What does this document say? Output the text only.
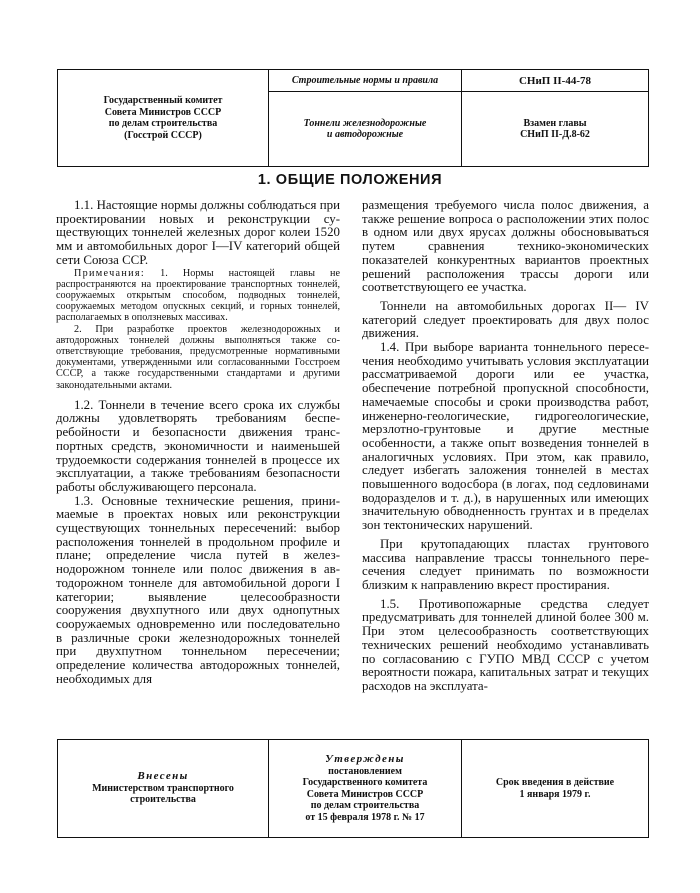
Государственный комитет
Совета Министров СССР
по делам строительства
(Госстрой СССР)
Строительные нормы и правила
Тоннели железнодорожные
и автодорожные
СНиП II-44-78
Взамен главы
СНиП II-Д.8-62
1. ОБЩИЕ ПОЛОЖЕНИЯ

1.1. Настоящие нормы должны соблюдаться при проектировании новых и реконструкции существующих тоннелей железных дорог колеи 1520 мм и автомобильных дорог I—IV категорий общей сети Союза ССР.

Примечания: 1. Нормы настоящей главы не распространяются на проектирование транспортных тоннелей, сооружаемых открытым способом, подводных тоннелей, сооружаемых методом опускных секций, и горных тоннелей, располагаемых в оползневых массивах.

2. При разработке проектов железнодорожных и автодорожных тоннелей должны выполняться также соответствующие требования, предусмотренные нормативными документами, утвержденными или согласованными Госстроем СССР, а также государственными стандартами и другими законодательными актами.

1.2. Тоннели в течение всего срока их службы должны удовлетворять требованиям бесперебойности и безопасности движения транспортных средств, экономичности и наименьшей трудоемкости содержания тоннелей в процессе их эксплуатации, а также требованиям безопасности работы обслуживающего персонала.

1.3. Основные технические решения, принимаемые в проектах новых или реконструкции существующих тоннельных пересечений: выбор расположения тоннелей в продольном профиле и плане; определение числа путей в железнодорожном тоннеле или полос движения в автодорожном тоннеле для автомобильной дороги I категории; выявление целесообразности сооружения двухпутного или двух однопутных сооружаемых одновременно или последовательно в различные сроки железнодорожных тоннелей при двухпутном тоннельном пересечении; определение количества автодорожных тоннелей, необходимых для

размещения требуемого числа полос движения, а также решение вопроса о расположении этих полос в одном или двух ярусах должны обосновываться путем сравнения технико-экономических показателей конкурентных вариантов проектных решений расположения трассы дороги или соответствующего ее участка.

Тоннели на автомобильных дорогах II— IV категорий следует проектировать для двух полос движения.

1.4. При выборе варианта тоннельного пересечения необходимо учитывать условия эксплуатации рассматриваемой дороги или ее участка, обеспечение потребной пропускной способности, намечаемые способы и сроки производства работ, инженерно-геологические, гидрогеологические, мерзлотно-грунтовые и другие местные особенности, а также опыт возведения тоннелей в аналогичных условиях. При этом, как правило, следует избегать заложения тоннелей в местах повышенного водосбора (в логах, под седловинами водоразделов и т. д.), в нарушенных или имеющих значительную обводненность грунтах и в пределах зон тектонических нарушений.

При крутопадающих пластах грунтового массива направление трассы тоннельного пересечения следует принимать по возможности близким к направлению вкрест простирания.

1.5. Противопожарные средства следует предусматривать для тоннелей длиной более 300 м. При этом целесообразность соответствующих технических решений необходимо устанавливать по согласованию с ГУПО МВД СССР с учетом вероятности пожара, капитальных затрат и текущих расходов на эксплуата-

Внесены
Министерством транспортного
строительства
Утверждены
постановлением
Государственного комитета
Совета Министров СССР
по делам строительства
от 15 февраля 1978 г. № 17
Срок введения в действие
1 января 1979 г.
